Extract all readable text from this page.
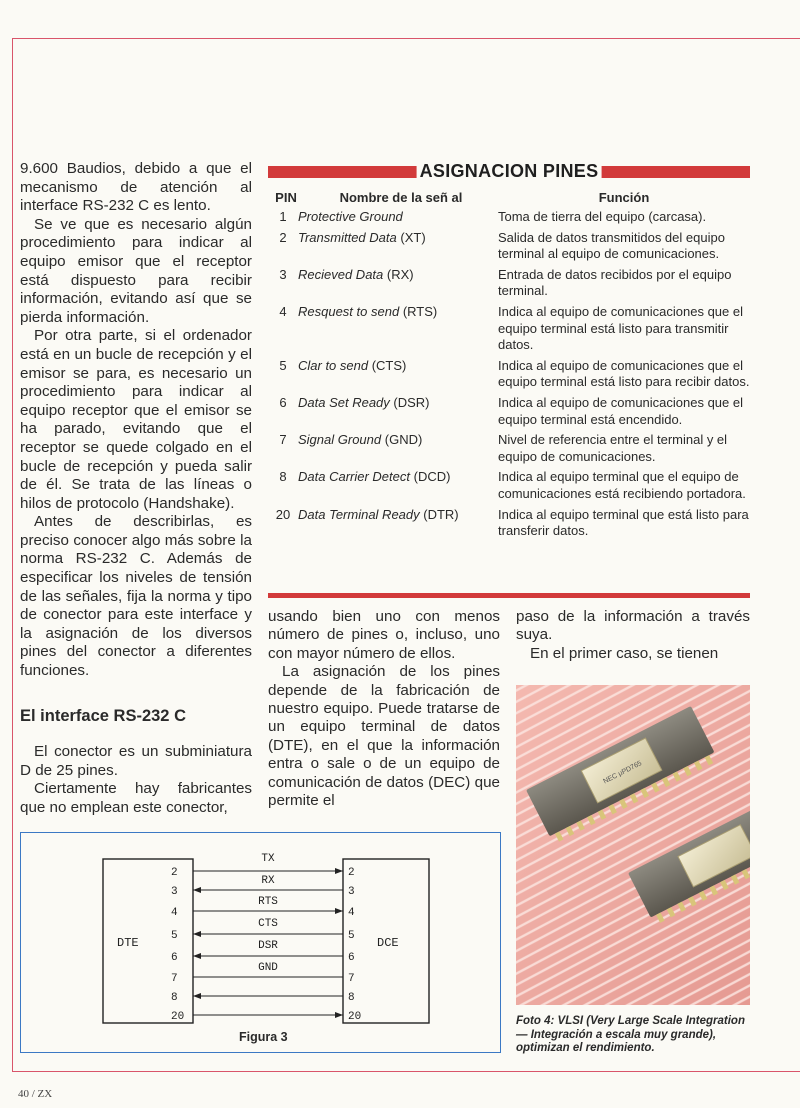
9.600 Baudios, debido a que el mecanismo de atención al interface RS-232 C es lento.

Se ve que es necesario algún procedimiento para indicar al equipo emisor que el receptor está dispuesto para recibir información, evitando así que se pierda información.

Por otra parte, si el ordenador está en un bucle de recepción y el emisor se para, es necesario un procedimiento para indicar al equipo receptor que el emisor se ha parado, evitando que el receptor se quede colgado en el bucle de recepción y pueda salir de él. Se trata de las líneas o hilos de protocolo (Handshake).

Antes de describirlas, es preciso conocer algo más sobre la norma RS-232 C. Además de especificar los niveles de tensión de las señales, fija la norma y tipo de conector para este interface y la asignación de los diversos pines del conector a diferentes funciones.

El interface RS-232 C

El conector es un subminiatura D de 25 pines.

Ciertamente hay fabricantes que no emplean este conector,

ASIGNACION PINES
PIN	Nombre de la señ al	Función
1 Protective Ground	Toma de tierra del equipo (carcasa).
2 Transmitted Data (XT)	Salida de datos transmitidos del equipo terminal al equipo de comunicaciones.
3 Recieved Data (RX)	Entrada de datos recibidos por el equipo terminal.
4 Resquest to send (RTS)	Indica al equipo de comunicaciones que el equipo terminal está listo para transmitir datos.
5 Clar to send (CTS)	Indica al equipo de comunicaciones que el equipo terminal está listo para recibir datos.
6 Data Set Ready (DSR)	Indica al equipo de comunicaciones que el equipo terminal está encendido.
7 Signal Ground (GND)	Nivel de referencia entre el terminal y el equipo de comunicaciones.
8 Data Carrier Detect (DCD)	Indica al equipo terminal que el equipo de comunicaciones está recibiendo portadora.
20 Data Terminal Ready (DTR)	Indica al equipo terminal que está listo para transferir datos.

usando bien uno con menos número de pines o, incluso, uno con mayor número de ellos.

La asignación de los pines depende de la fabricación de nuestro equipo. Puede tratarse de un equipo terminal de datos (DTE), en el que la información entra o sale o de un equipo de comunicación de datos (DEC) que permite el

paso de la información a través suya.

En el primer caso, se tienen

NEC μPD765
Foto 4: VLSI (Very Large Scale Integration — Integración a escala muy grande), optimizan el rendimiento.
DTE	DCE
2	2
3	3
4	4
5	5
6	6
7	7
8	8
20	20
TX
RX
RTS
CTS
DSR
GND
Figura 3
40 / ZX
